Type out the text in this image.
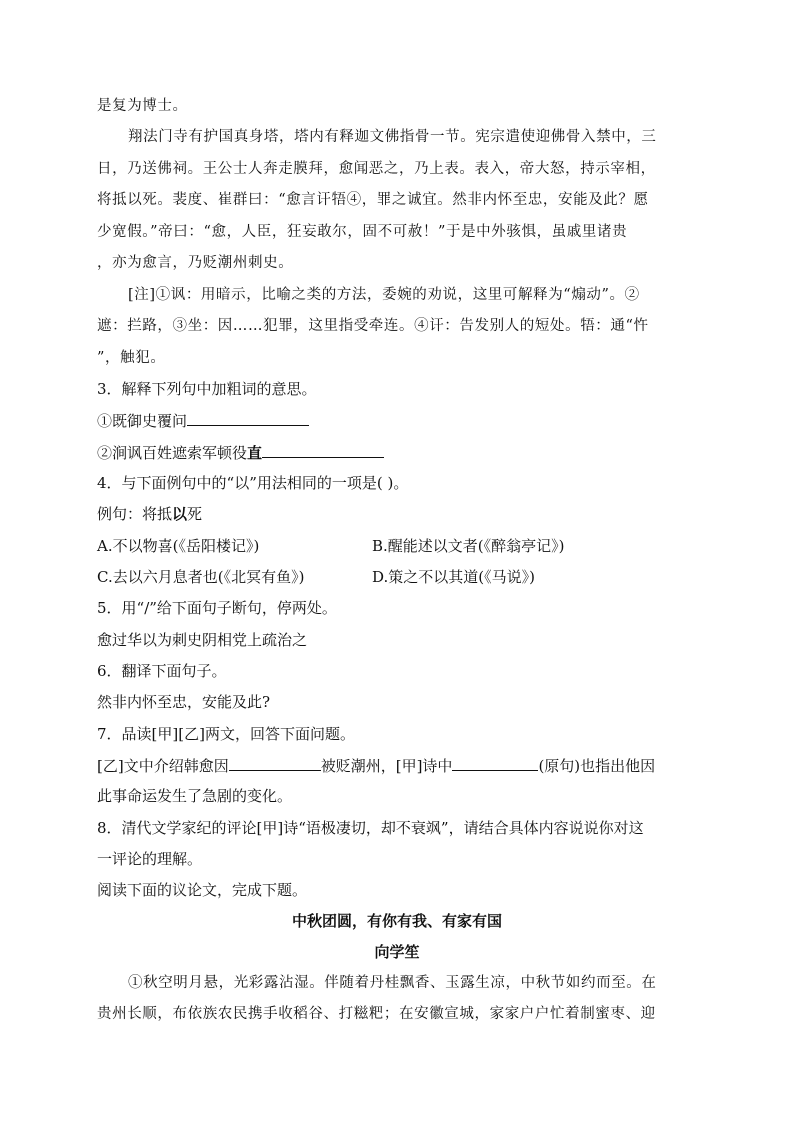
是复为博士。
翔法门寺有护国真身塔，塔内有释迦文佛指骨一节。宪宗遣使迎佛骨入禁中，三
日，乃送佛祠。王公士人奔走膜拜，愈闻恶之，乃上表。表入，帝大怒，持示宰相，
将抵以死。裴度、崔群曰：“愈言讦牾④，罪之诚宜。然非内怀至忠，安能及此？愿
少宽假。”帝曰：“愈，人臣，狂妄敢尔，固不可赦！”于是中外骇惧，虽戚里诸贵
，亦为愈言，乃贬潮州刺史。
[注]①讽：用暗示，比喻之类的方法，委婉的劝说，这里可解释为“煽动”。②
遮：拦路，③坐：因……犯罪，这里指受牵连。④讦：告发别人的短处。牾：通“忤
”，触犯。
3．解释下列句中加粗词的意思。
①既御史覆问
②涧讽百姓遮索军顿役直
4．与下面例句中的“以”用法相同的一项是( )。
例句：将抵以死
A.不以物喜(《岳阳楼记》)	B.醒能述以文者(《醉翁亭记》)
C.去以六月息者也(《北冥有鱼》)	D.策之不以其道(《马说》)
5．用“/”给下面句子断句，停两处。
愈过华以为刺史阴相党上疏治之
6．翻译下面句子。
然非内怀至忠，安能及此?
7．品读[甲][乙]两文，回答下面问题。
[乙]文中介绍韩愈因	被贬潮州，[甲]诗中	(原句)也指出他因
此事命运发生了急剧的变化。
8．清代文学家纪的评论[甲]诗“语极凄切，却不衰飒”，请结合具体内容说说你对这
一评论的理解。
阅读下面的议论文，完成下题。
中秋团圆，有你有我、有家有国
向学笙
①秋空明月悬，光彩露沾湿。伴随着丹桂飘香、玉露生凉，中秋节如约而至。在
贵州长顺，布依族农民携手收稻谷、打糍粑；在安徽宣城，家家户户忙着制蜜枣、迎
